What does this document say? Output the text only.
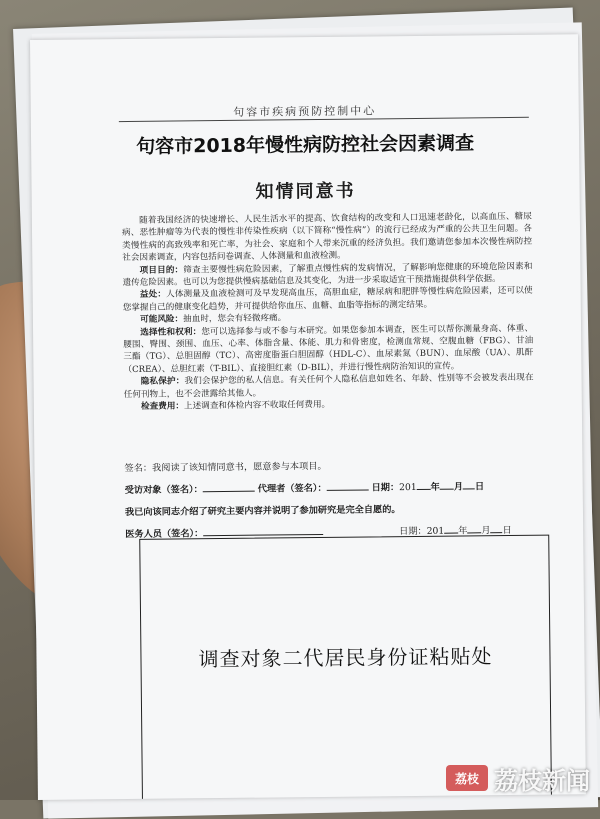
句容市疾病预防控制中心
句容市2018年慢性病防控社会因素调查
知情同意书

随着我国经济的快速增长、人民生活水平的提高、饮食结构的改变和人口迅速老龄化，以高血压、糖尿病、恶性肿瘤等为代表的慢性非传染性疾病（以下简称“慢性病”）的流行已经成为严重的公共卫生问题。各类慢性病的高致残率和死亡率，为社会、家庭和个人带来沉重的经济负担。我们邀请您参加本次慢性病防控社会因素调查，内容包括问卷调查、人体测量和血液检测。

项目目的：筛查主要慢性病危险因素，了解重点慢性病的发病情况，了解影响您健康的环境危险因素和遗传危险因素。也可以为您提供慢病基础信息及其变化，为进一步采取适宜干预措施提供科学依据。

益处：人体测量及血液检测可及早发现高血压，高胆血症，糖尿病和肥胖等慢性病危险因素，还可以使您掌握自己的健康变化趋势，并可提供给你血压、血糖、血脂等指标的测定结果。

可能风险：抽血时，您会有轻微疼痛。

选择性和权利：您可以选择参与或不参与本研究。如果您参加本调查，医生可以帮你测量身高、体重、腰围、臀围、颈围、血压、心率、体脂含量、体能、肌力和骨密度，检测血常规、空腹血糖（FBG）、甘油三酯（TG）、总胆固醇（TC）、高密度脂蛋白胆固醇（HDL-C）、血尿素氮（BUN）、血尿酸（UA）、肌酐（CREA）、总胆红素（T-BIL）、直接胆红素（D-BIL），并进行慢性病防治知识的宣传。

隐私保护：我们会保护您的私人信息。有关任何个人隐私信息如姓名、年龄、性别等不会被发表出现在任何刊物上，也不会泄露给其他人。

检查费用：上述调查和体检内容不收取任何费用。

签名：我阅读了该知情同意书，愿意参与本项目。
受访对象（签名）：	代理者（签名）：	日期：201 年 月 日
我已向该同志介绍了研究主要内容并说明了参加研究是完全自愿的。
医务人员（签名）：	日期：201 年 月 日
调查对象二代居民身份证粘贴处
荔枝 荔枝新闻
